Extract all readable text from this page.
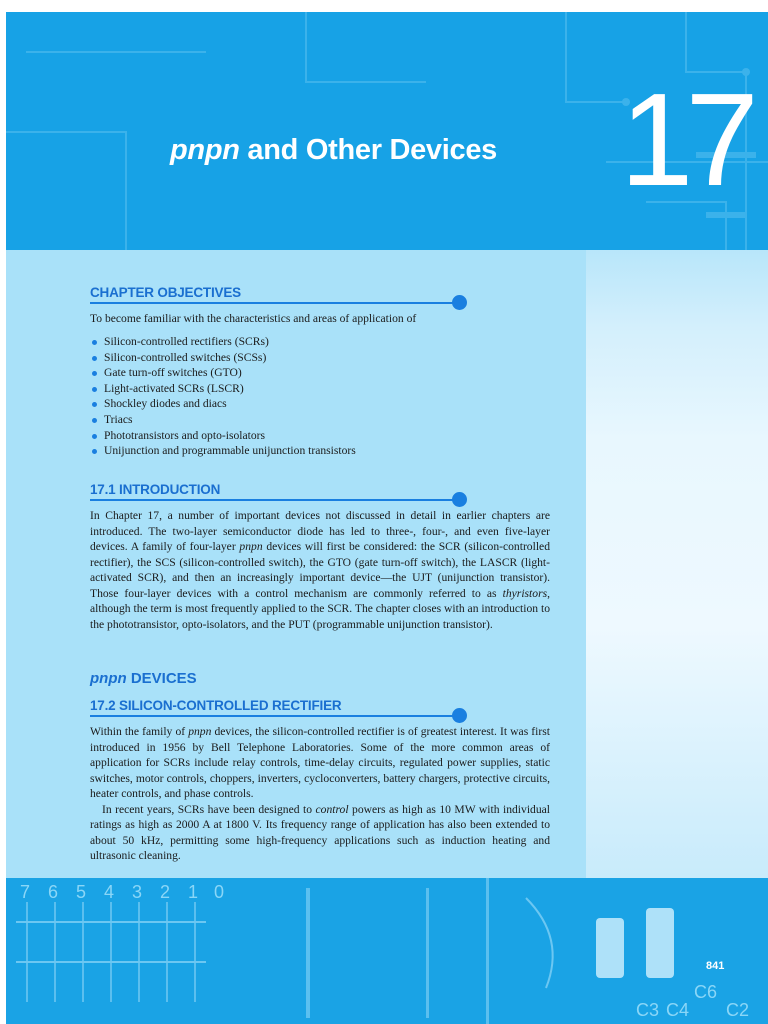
pnpn and Other Devices 17
CHAPTER OBJECTIVES
To become familiar with the characteristics and areas of application of
Silicon-controlled rectifiers (SCRs)
Silicon-controlled switches (SCSs)
Gate turn-off switches (GTO)
Light-activated SCRs (LSCR)
Shockley diodes and diacs
Triacs
Phototransistors and opto-isolators
Unijunction and programmable unijunction transistors
17.1 INTRODUCTION

In Chapter 17, a number of important devices not discussed in detail in earlier chapters are introduced. The two-layer semiconductor diode has led to three-, four-, and even five-layer devices. A family of four-layer pnpn devices will first be considered: the SCR (silicon-controlled rectifier), the SCS (silicon-controlled switch), the GTO (gate turn-off switch), the LASCR (light-activated SCR), and then an increasingly important device—the UJT (unijunction transistor). Those four-layer devices with a control mechanism are commonly referred to as thyristors, although the term is most frequently applied to the SCR. The chapter closes with an introduction to the phototransistor, opto-isolators, and the PUT (programmable unijunction transistor).

pnpn DEVICES
17.2 SILICON-CONTROLLED RECTIFIER

Within the family of pnpn devices, the silicon-controlled rectifier is of greatest interest. It was first introduced in 1956 by Bell Telephone Laboratories. Some of the more common areas of application for SCRs include relay controls, time-delay circuits, regulated power supplies, static switches, motor controls, choppers, inverters, cycloconverters, battery chargers, protective circuits, heater controls, and phase controls.

In recent years, SCRs have been designed to control powers as high as 10 MW with individual ratings as high as 2000 A at 1800 V. Its frequency range of application has also been extended to about 50 kHz, permitting some high-frequency applications such as induction heating and ultrasonic cleaning.

7 6 5 4 3 2 1 0
C4
C6
C2
C3
841
